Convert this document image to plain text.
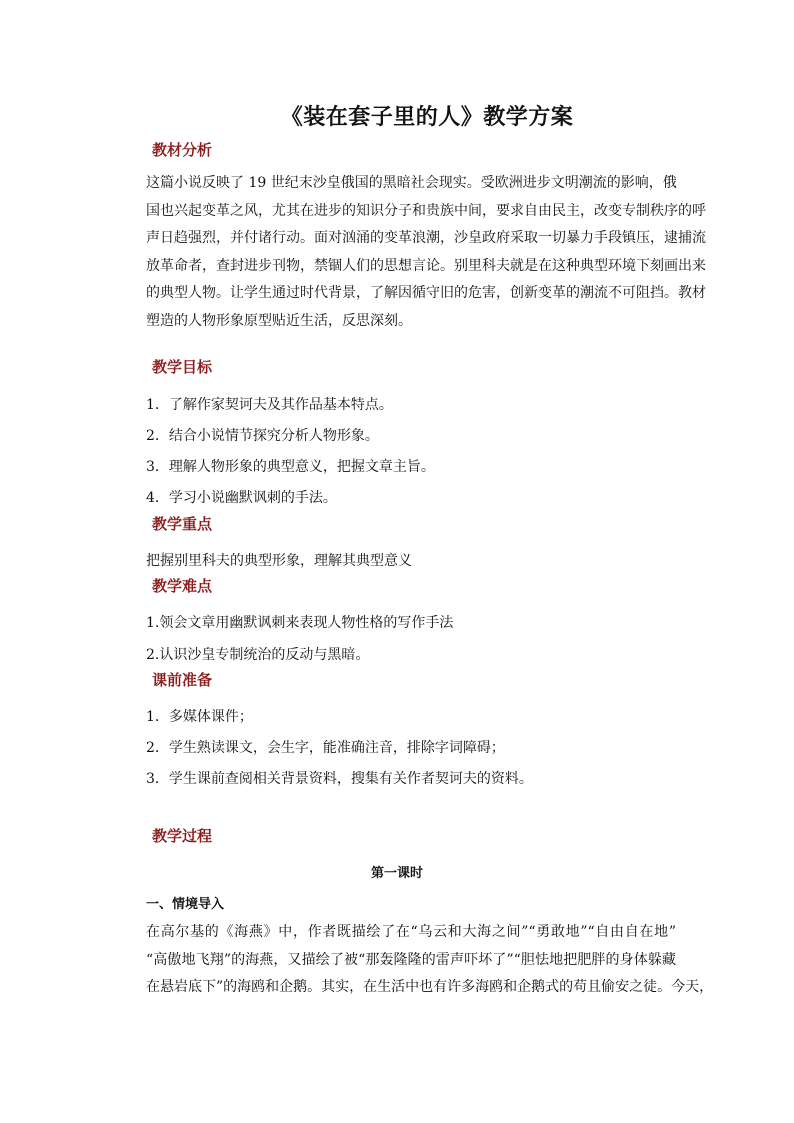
《装在套子里的人》教学方案
教材分析
这篇小说反映了 19 世纪末沙皇俄国的黑暗社会现实。受欧洲进步文明潮流的影响，俄
国也兴起变革之风，尤其在进步的知识分子和贵族中间，要求自由民主，改变专制秩序的呼
声日趋强烈，并付诸行动。面对汹涌的变革浪潮，沙皇政府采取一切暴力手段镇压，逮捕流
放革命者，查封进步刊物，禁锢人们的思想言论。别里科夫就是在这种典型环境下刻画出来
的典型人物。让学生通过时代背景，了解因循守旧的危害，创新变革的潮流不可阻挡。教材
塑造的人物形象原型贴近生活，反思深刻。
教学目标
1．了解作家契诃夫及其作品基本特点。
2．结合小说情节探究分析人物形象。
3．理解人物形象的典型意义，把握文章主旨。
4．学习小说幽默讽刺的手法。
教学重点
把握别里科夫的典型形象，理解其典型意义
教学难点
1.领会文章用幽默讽刺来表现人物性格的写作手法
2.认识沙皇专制统治的反动与黑暗。
课前准备
1．多媒体课件；
2．学生熟读课文，会生字，能准确注音，排除字词障碍；
3．学生课前查阅相关背景资料，搜集有关作者契诃夫的资料。
教学过程
第一课时
一、情境导入
在高尔基的《海燕》中，作者既描绘了在“乌云和大海之间”“勇敢地”“自由自在地”
“高傲地飞翔”的海燕，又描绘了被“那轰隆隆的雷声吓坏了”“胆怯地把肥胖的身体躲藏
在悬岩底下”的海鸥和企鹅。其实，在生活中也有许多海鸥和企鹅式的苟且偷安之徒。今天，
